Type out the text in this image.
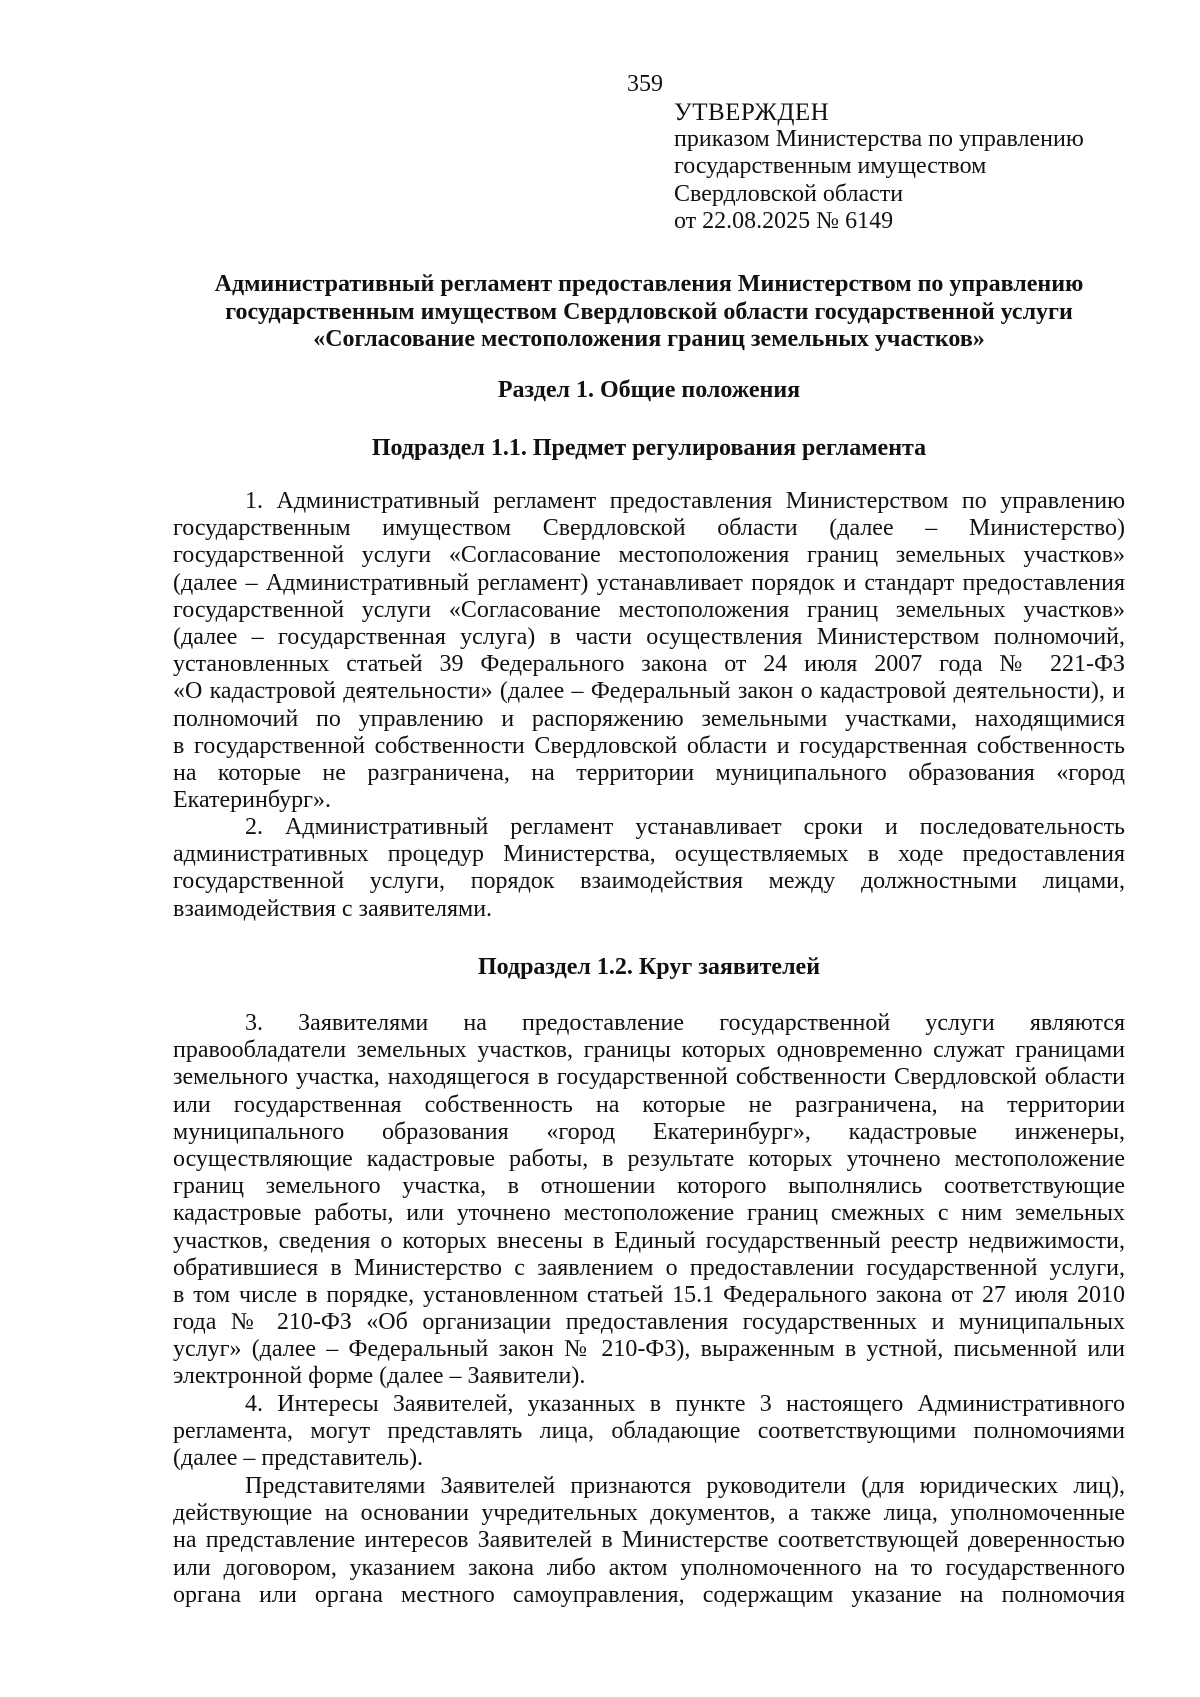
359
УТВЕРЖДЕН
приказом Министерства по управлению
государственным имуществом
Свердловской области
от 22.08.2025 № 6149
Административный регламент предоставления Министерством по управлению
государственным имуществом Свердловской области государственной услуги
«Согласование местоположения границ земельных участков»
Раздел 1. Общие положения
Подраздел 1.1. Предмет регулирования регламента
1. Административный регламент предоставления Министерством по управлению
государственным имуществом Свердловской области (далее – Министерство)
государственной услуги «Согласование местоположения границ земельных участков»
(далее – Административный регламент) устанавливает порядок и стандарт предоставления
государственной услуги «Согласование местоположения границ земельных участков»
(далее – государственная услуга) в части осуществления Министерством полномочий,
установленных статьей 39 Федерального закона от 24 июля 2007 года № 221-ФЗ
«О кадастровой деятельности» (далее – Федеральный закон о кадастровой деятельности), и
полномочий по управлению и распоряжению земельными участками, находящимися
в государственной собственности Свердловской области и государственная собственность
на которые не разграничена, на территории муниципального образования «город
Екатеринбург».
2. Административный регламент устанавливает сроки и последовательность
административных процедур Министерства, осуществляемых в ходе предоставления
государственной услуги, порядок взаимодействия между должностными лицами,
взаимодействия с заявителями.
Подраздел 1.2. Круг заявителей
3. Заявителями на предоставление государственной услуги являются
правообладатели земельных участков, границы которых одновременно служат границами
земельного участка, находящегося в государственной собственности Свердловской области
или государственная собственность на которые не разграничена, на территории
муниципального образования «город Екатеринбург», кадастровые инженеры,
осуществляющие кадастровые работы, в результате которых уточнено местоположение
границ земельного участка, в отношении которого выполнялись соответствующие
кадастровые работы, или уточнено местоположение границ смежных с ним земельных
участков, сведения о которых внесены в Единый государственный реестр недвижимости,
обратившиеся в Министерство с заявлением о предоставлении государственной услуги,
в том числе в порядке, установленном статьей 15.1 Федерального закона от 27 июля 2010
года № 210-ФЗ «Об организации предоставления государственных и муниципальных
услуг» (далее – Федеральный закон № 210-ФЗ), выраженным в устной, письменной или
электронной форме (далее – Заявители).
4. Интересы Заявителей, указанных в пункте 3 настоящего Административного
регламента, могут представлять лица, обладающие соответствующими полномочиями
(далее – представитель).
Представителями Заявителей признаются руководители (для юридических лиц),
действующие на основании учредительных документов, а также лица, уполномоченные
на представление интересов Заявителей в Министерстве соответствующей доверенностью
или договором, указанием закона либо актом уполномоченного на то государственного
органа или органа местного самоуправления, содержащим указание на полномочия
